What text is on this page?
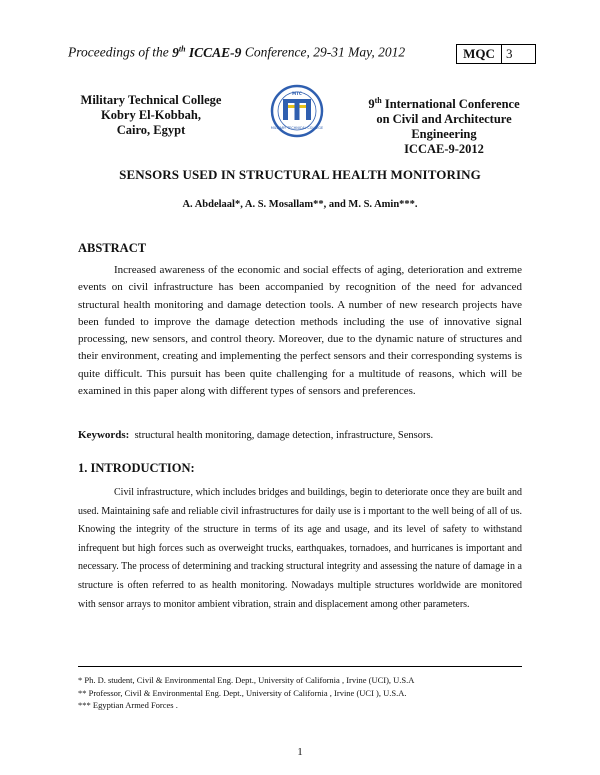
Proceedings of the 9th ICCAE-9 Conference, 29-31 May, 2012	MQC 3
Military Technical College
Kobry El-Kobbah,
Cairo, Egypt	MILITARY TECHNICAL COLLEGE
MTC
9th International Conference
on Civil and Architecture
Engineering
ICCAE-9-2012
SENSORS USED IN STRUCTURAL HEALTH MONITORING
A. Abdelaal*, A. S. Mosallam**, and M. S. Amin***.
ABSTRACT
Increased awareness of the economic and social effects of aging, deterioration and extreme events on civil infrastructure has been accompanied by recognition of the need for advanced structural health monitoring and damage detection tools. A number of new research projects have been funded to improve the damage detection methods including the use of innovative signal processing, new sensors, and control theory. Moreover, due to the dynamic nature of structures and their environment, creating and implementing the perfect sensors and their corresponding systems is quite difficult. This pursuit has been quite challenging for a multitude of reasons, which will be examined in this paper along with different types of sensors and preferences.
Keywords:  structural health monitoring, damage detection, infrastructure, Sensors.
1. INTRODUCTION:
Civil infrastructure, which includes bridges and buildings, begin to deteriorate once they are built and used. Maintaining safe and reliable civil infrastructures for daily use is i mportant to the well being of all of us. Knowing the integrity of the structure in terms of its age and usage, and its level of safety to withstand infrequent but high forces such as overweight trucks, earthquakes, tornadoes, and hurricanes is important and necessary. The process of determining and tracking structural integrity and assessing the nature of damage in a structure is often referred to as health monitoring. Nowadays multiple structures worldwide are monitored with sensor arrays to monitor ambient vibration, strain and displacement among other parameters.
* Ph. D. student, Civil & Environmental Eng. Dept., University of California , Irvine (UCI), U.S.A
** Professor, Civil & Environmental Eng. Dept., University of California , Irvine (UCI ), U.S.A.
*** Egyptian Armed Forces .
1
